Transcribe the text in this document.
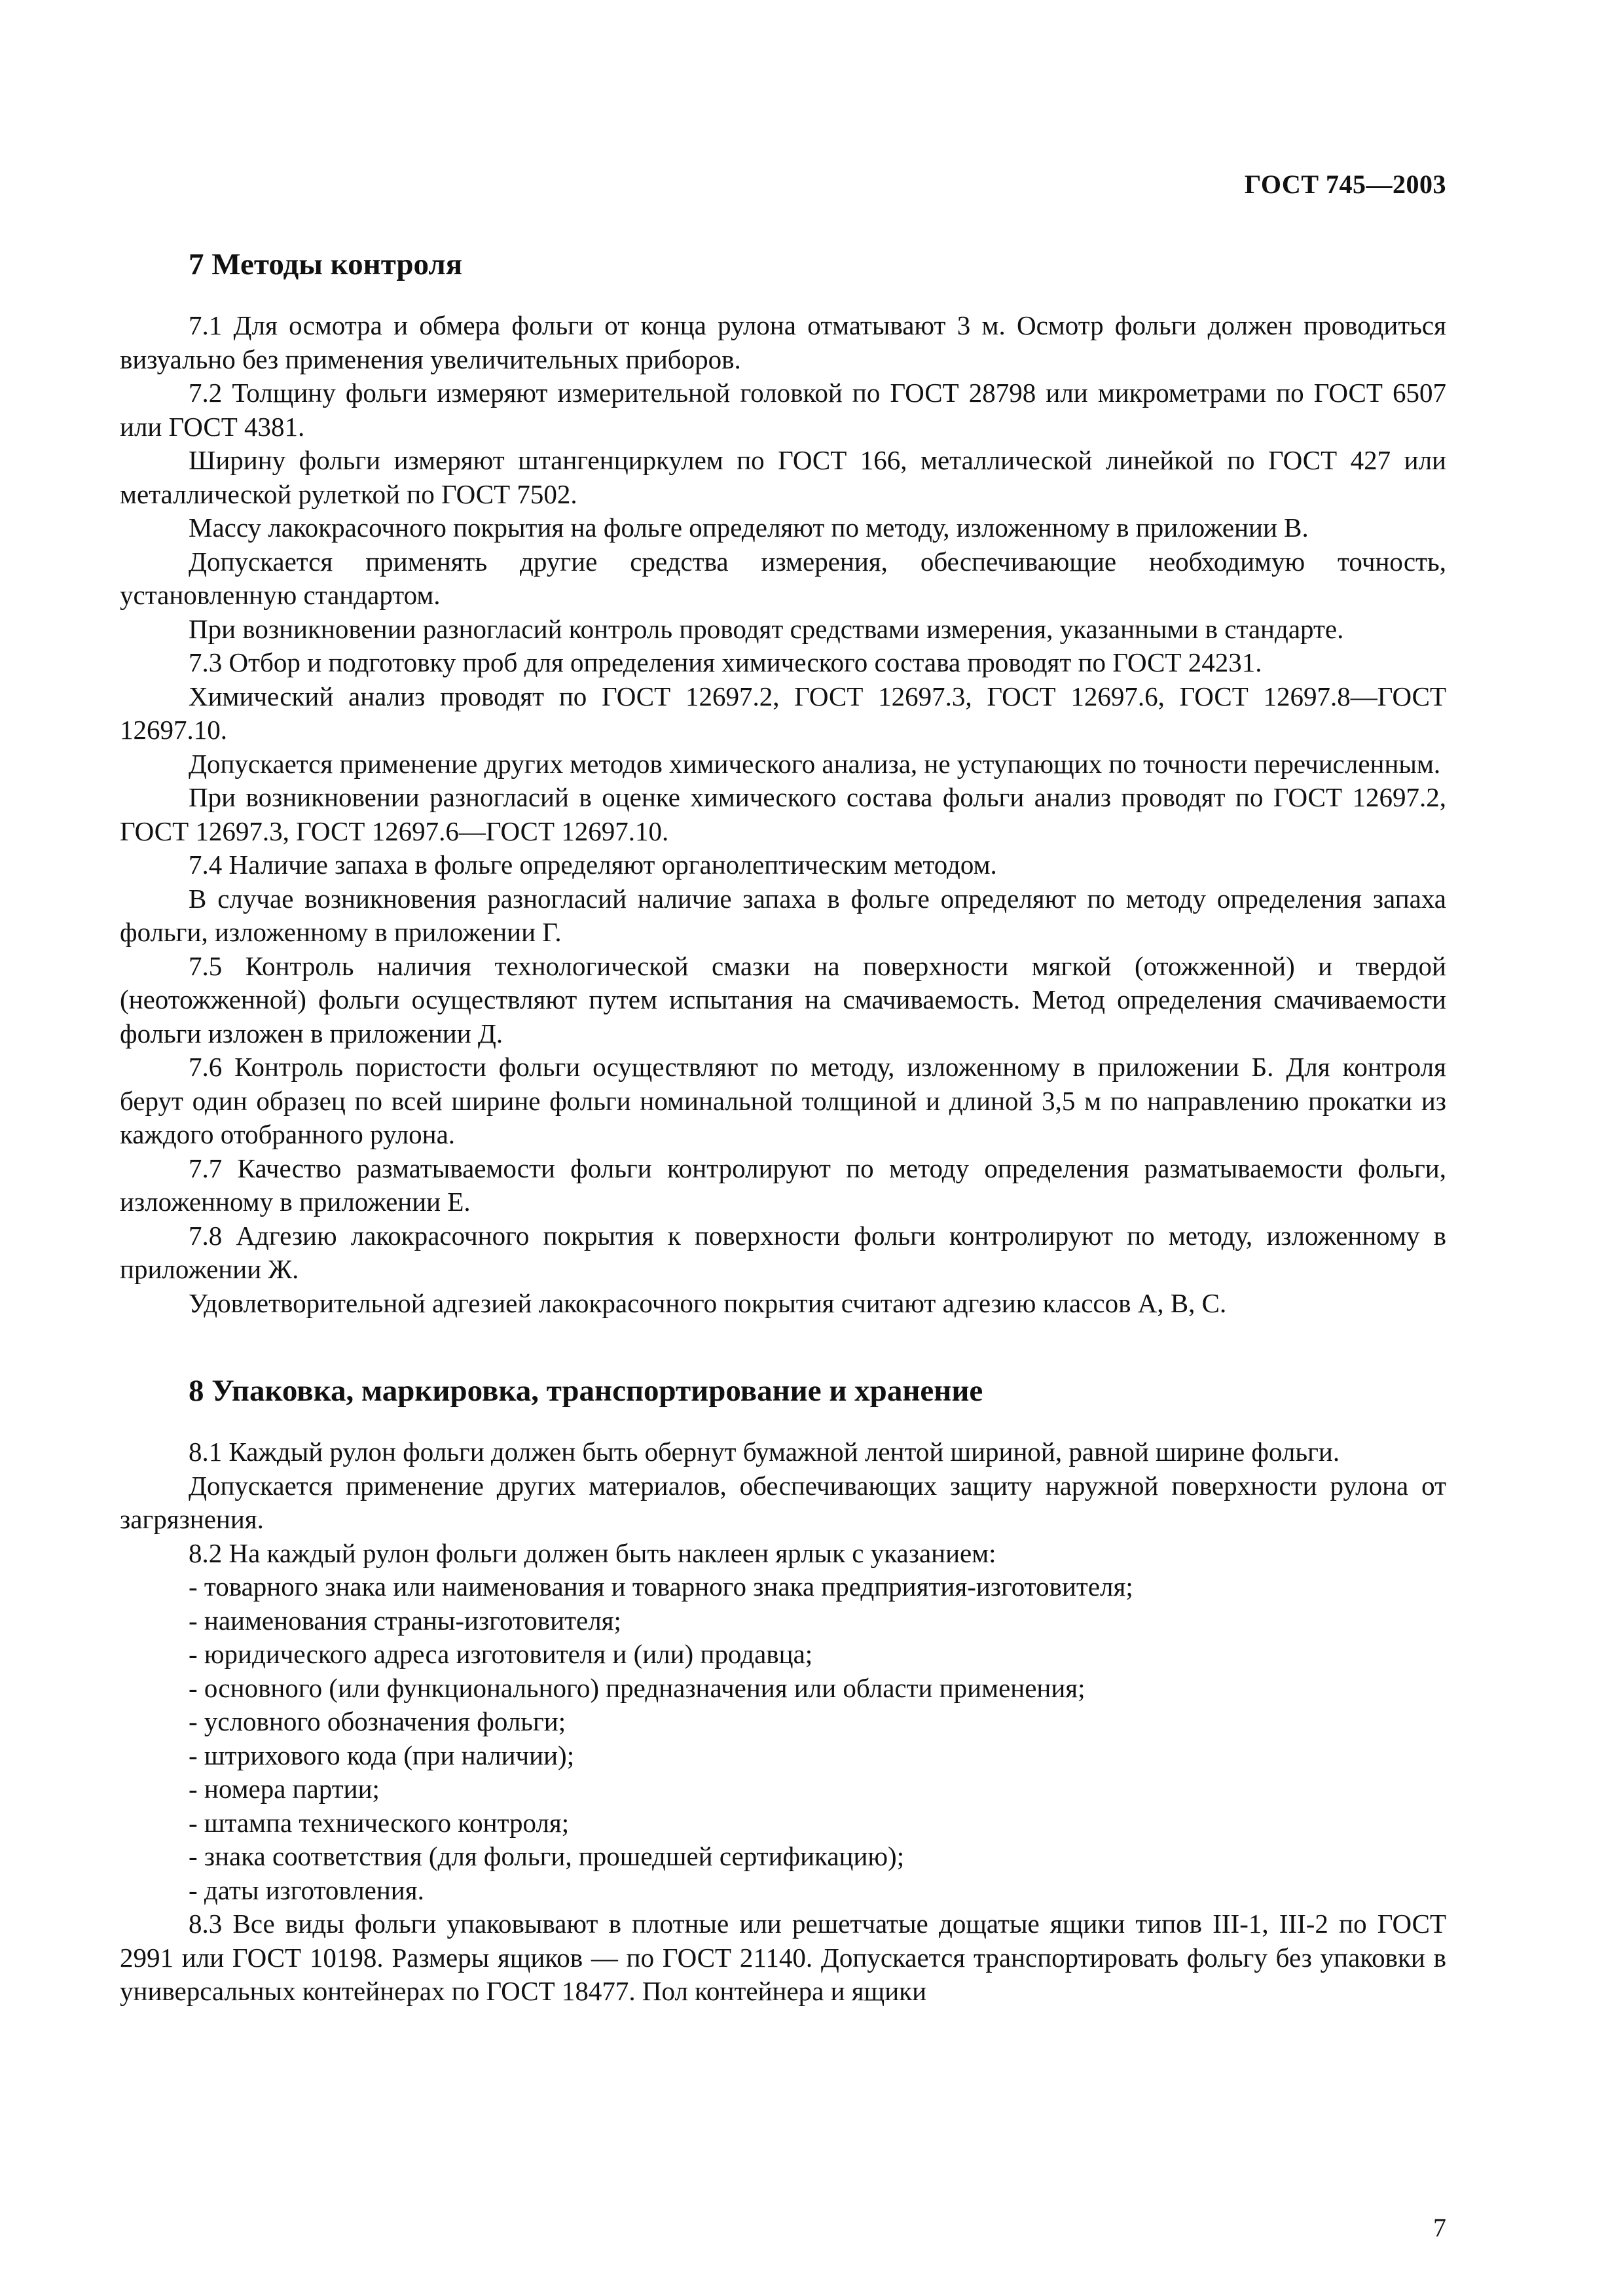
ГОСТ 745—2003
7 Методы контроля

7.1 Для осмотра и обмера фольги от конца рулона отматывают 3 м. Осмотр фольги должен проводиться визуально без применения увеличительных приборов.

7.2 Толщину фольги измеряют измерительной головкой по ГОСТ 28798 или микрометрами по ГОСТ 6507 или ГОСТ 4381.

Ширину фольги измеряют штангенциркулем по ГОСТ 166, металлической линейкой по ГОСТ 427 или металлической рулеткой по ГОСТ 7502.

Массу лакокрасочного покрытия на фольге определяют по методу, изложенному в приложении В.

Допускается применять другие средства измерения, обеспечивающие необходимую точность, установленную стандартом.

При возникновении разногласий контроль проводят средствами измерения, указанными в стандарте.

7.3 Отбор и подготовку проб для определения химического состава проводят по ГОСТ 24231.

Химический анализ проводят по ГОСТ 12697.2, ГОСТ 12697.3, ГОСТ 12697.6, ГОСТ 12697.8—ГОСТ 12697.10.

Допускается применение других методов химического анализа, не уступающих по точности перечисленным.

При возникновении разногласий в оценке химического состава фольги анализ проводят по ГОСТ 12697.2, ГОСТ 12697.3, ГОСТ 12697.6—ГОСТ 12697.10.

7.4 Наличие запаха в фольге определяют органолептическим методом.

В случае возникновения разногласий наличие запаха в фольге определяют по методу определения запаха фольги, изложенному в приложении Г.

7.5 Контроль наличия технологической смазки на поверхности мягкой (отожженной) и твердой (неотожженной) фольги осуществляют путем испытания на смачиваемость. Метод определения смачиваемости фольги изложен в приложении Д.

7.6 Контроль пористости фольги осуществляют по методу, изложенному в приложении Б. Для контроля берут один образец по всей ширине фольги номинальной толщиной и длиной 3,5 м по направлению прокатки из каждого отобранного рулона.

7.7 Качество разматываемости фольги контролируют по методу определения разматываемости фольги, изложенному в приложении Е.

7.8 Адгезию лакокрасочного покрытия к поверхности фольги контролируют по методу, изложенному в приложении Ж.

Удовлетворительной адгезией лакокрасочного покрытия считают адгезию классов А, В, С.

8 Упаковка, маркировка, транспортирование и хранение

8.1 Каждый рулон фольги должен быть обернут бумажной лентой шириной, равной ширине фольги.

Допускается применение других материалов, обеспечивающих защиту наружной поверхности рулона от загрязнения.

8.2 На каждый рулон фольги должен быть наклеен ярлык с указанием:

- товарного знака или наименования и товарного знака предприятия-изготовителя;
- наименования страны-изготовителя;
- юридического адреса изготовителя и (или) продавца;
- основного (или функционального) предназначения или области применения;
- условного обозначения фольги;
- штрихового кода (при наличии);
- номера партии;
- штампа технического контроля;
- знака соответствия (для фольги, прошедшей сертификацию);
- даты изготовления.

8.3 Все виды фольги упаковывают в плотные или решетчатые дощатые ящики типов III-1, III-2 по ГОСТ 2991 или ГОСТ 10198. Размеры ящиков — по ГОСТ 21140. Допускается транспортировать фольгу без упаковки в универсальных контейнерах по ГОСТ 18477. Пол контейнера и ящики

7
